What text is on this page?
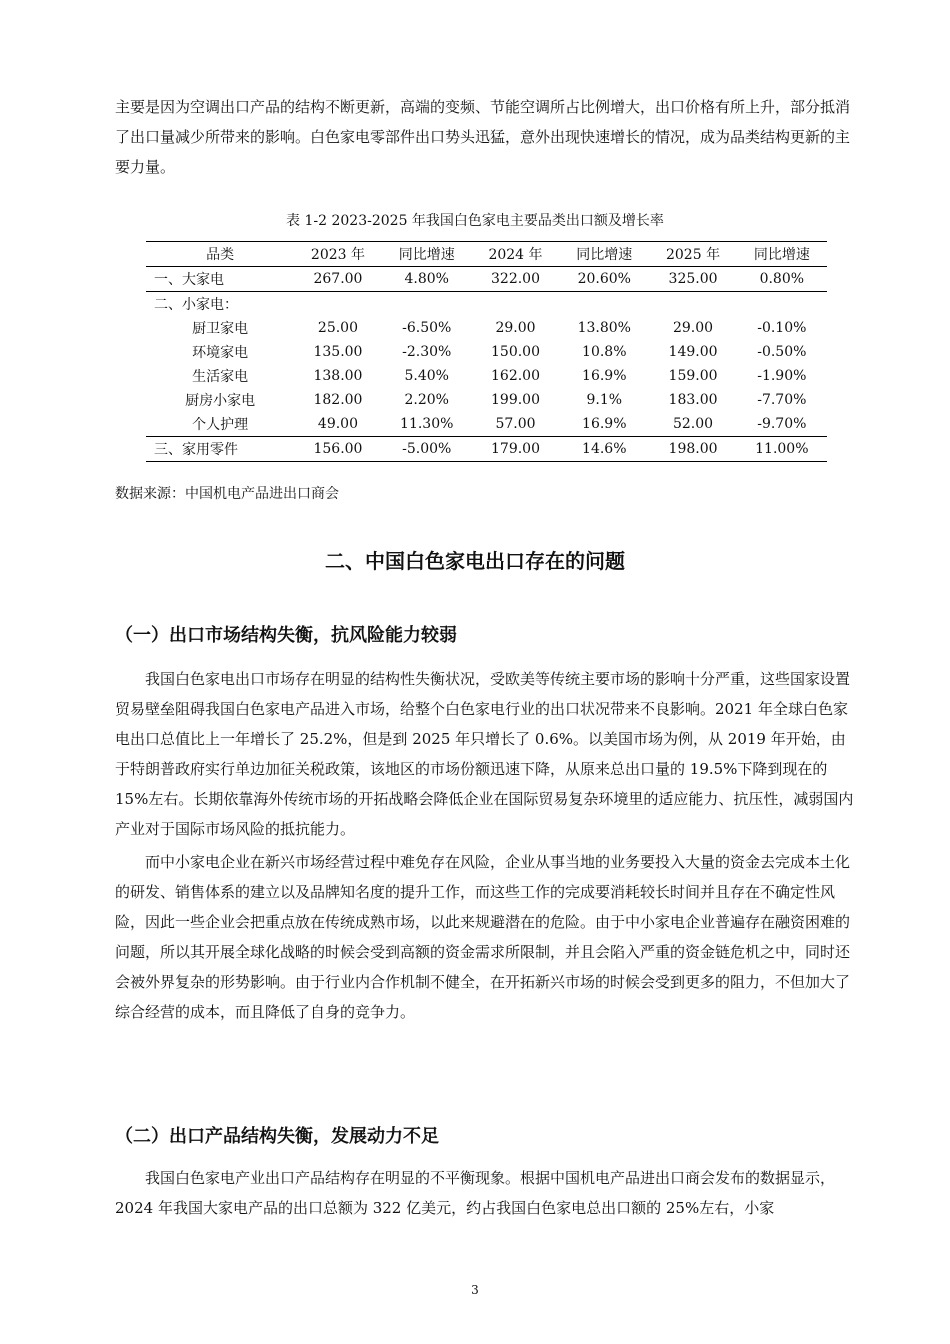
主要是因为空调出口产品的结构不断更新，高端的变频、节能空调所占比例增大，出口价格有所上升，部分抵消了出口量减少所带来的影响。白色家电零部件出口势头迅猛，意外出现快速增长的情况，成为品类结构更新的主要力量。

表 1-2 2023-2025 年我国白色家电主要品类出口额及增长率
品类	2023 年	同比增速	2024 年	同比增速	2025 年	同比增速
一、大家电	267.00	4.80%	322.00	20.60%	325.00	0.80%
二、小家电：						
厨卫家电	25.00	-6.50%	29.00	13.80%	29.00	-0.10%
环境家电	135.00	-2.30%	150.00	10.8%	149.00	-0.50%
生活家电	138.00	5.40%	162.00	16.9%	159.00	-1.90%
厨房小家电	182.00	2.20%	199.00	9.1%	183.00	-7.70%
个人护理	49.00	11.30%	57.00	16.9%	52.00	-9.70%
三、家用零件	156.00	-5.00%	179.00	14.6%	198.00	11.00%
数据来源：中国机电产品进出口商会
二、中国白色家电出口存在的问题
（一）出口市场结构失衡，抗风险能力较弱

我国白色家电出口市场存在明显的结构性失衡状况，受欧美等传统主要市场的影响十分严重，这些国家设置贸易壁垒阻碍我国白色家电产品进入市场，给整个白色家电行业的出口状况带来不良影响。2021 年全球白色家电出口总值比上一年增长了 25.2%，但是到 2025 年只增长了 0.6%。以美国市场为例，从 2019 年开始，由于特朗普政府实行单边加征关税政策，该地区的市场份额迅速下降，从原来总出口量的 19.5%下降到现在的 15%左右。长期依靠海外传统市场的开拓战略会降低企业在国际贸易复杂环境里的适应能力、抗压性，减弱国内产业对于国际市场风险的抵抗能力。

而中小家电企业在新兴市场经营过程中难免存在风险，企业从事当地的业务要投入大量的资金去完成本土化的研发、销售体系的建立以及品牌知名度的提升工作，而这些工作的完成要消耗较长时间并且存在不确定性风险，因此一些企业会把重点放在传统成熟市场，以此来规避潜在的危险。由于中小家电企业普遍存在融资困难的问题，所以其开展全球化战略的时候会受到高额的资金需求所限制，并且会陷入严重的资金链危机之中，同时还会被外界复杂的形势影响。由于行业内合作机制不健全，在开拓新兴市场的时候会受到更多的阻力，不但加大了综合经营的成本，而且降低了自身的竞争力。

（二）出口产品结构失衡，发展动力不足

我国白色家电产业出口产品结构存在明显的不平衡现象。根据中国机电产品进出口商会发布的数据显示，2024 年我国大家电产品的出口总额为 322 亿美元，约占我国白色家电总出口额的 25%左右，小家

3
